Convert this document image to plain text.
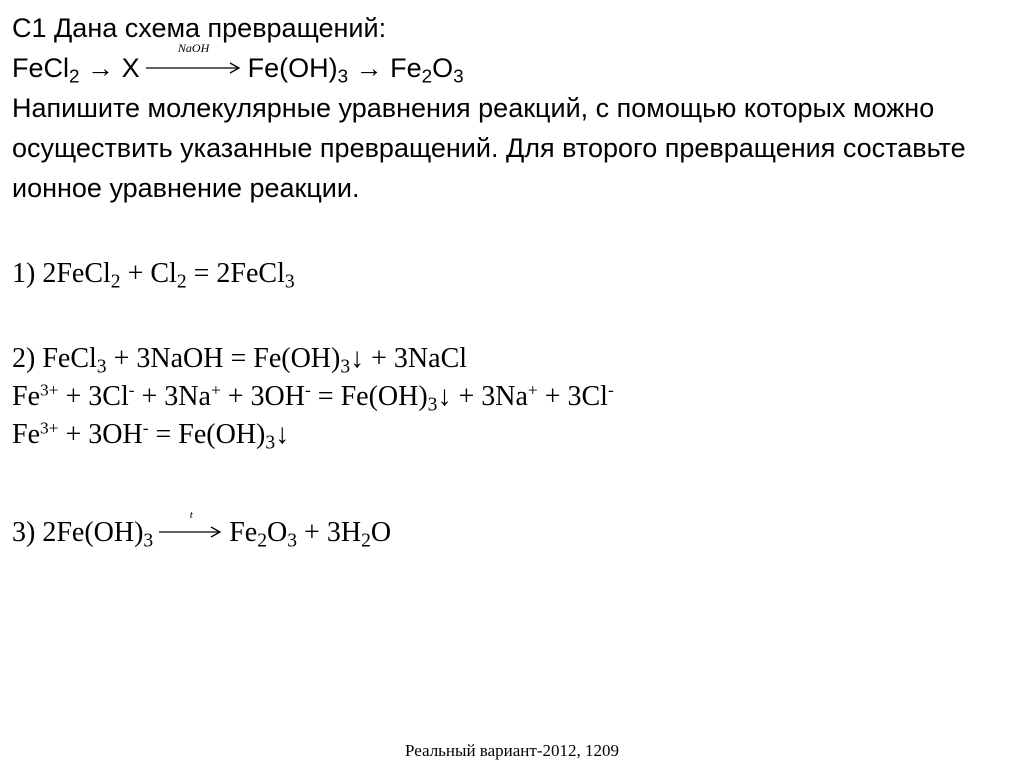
С1 Дана схема превращений:
FeCl$_2$ → X
NaOH
$Fe(OH)_3 \to Fe_2O_3$
Напишите молекулярные уравнения реакций, с помощью которых можно осуществить указанные превращений. Для второго превращения составьте ионное уравнение реакции.
1) 2FeCl$_2$ + $Cl_2$ = 2FeCl$_3$
2) FeCl$_3$ + 3NaOH = $Fe(OH)_3↓$ + 3NaCl
$Fe^{3+} + 3Cl^- + 3Na^+ + 3OH^-$ = $Fe(OH)_3↓ + 3Na^+ + 3Cl^-$
$Fe^{3+} + 3OH^-$ = $Fe(OH)_3↓$
3) $2Fe(OH)_3$
t
$Fe_2O_3 + 3H_2O$
Реальный вариант-2012, 1209
